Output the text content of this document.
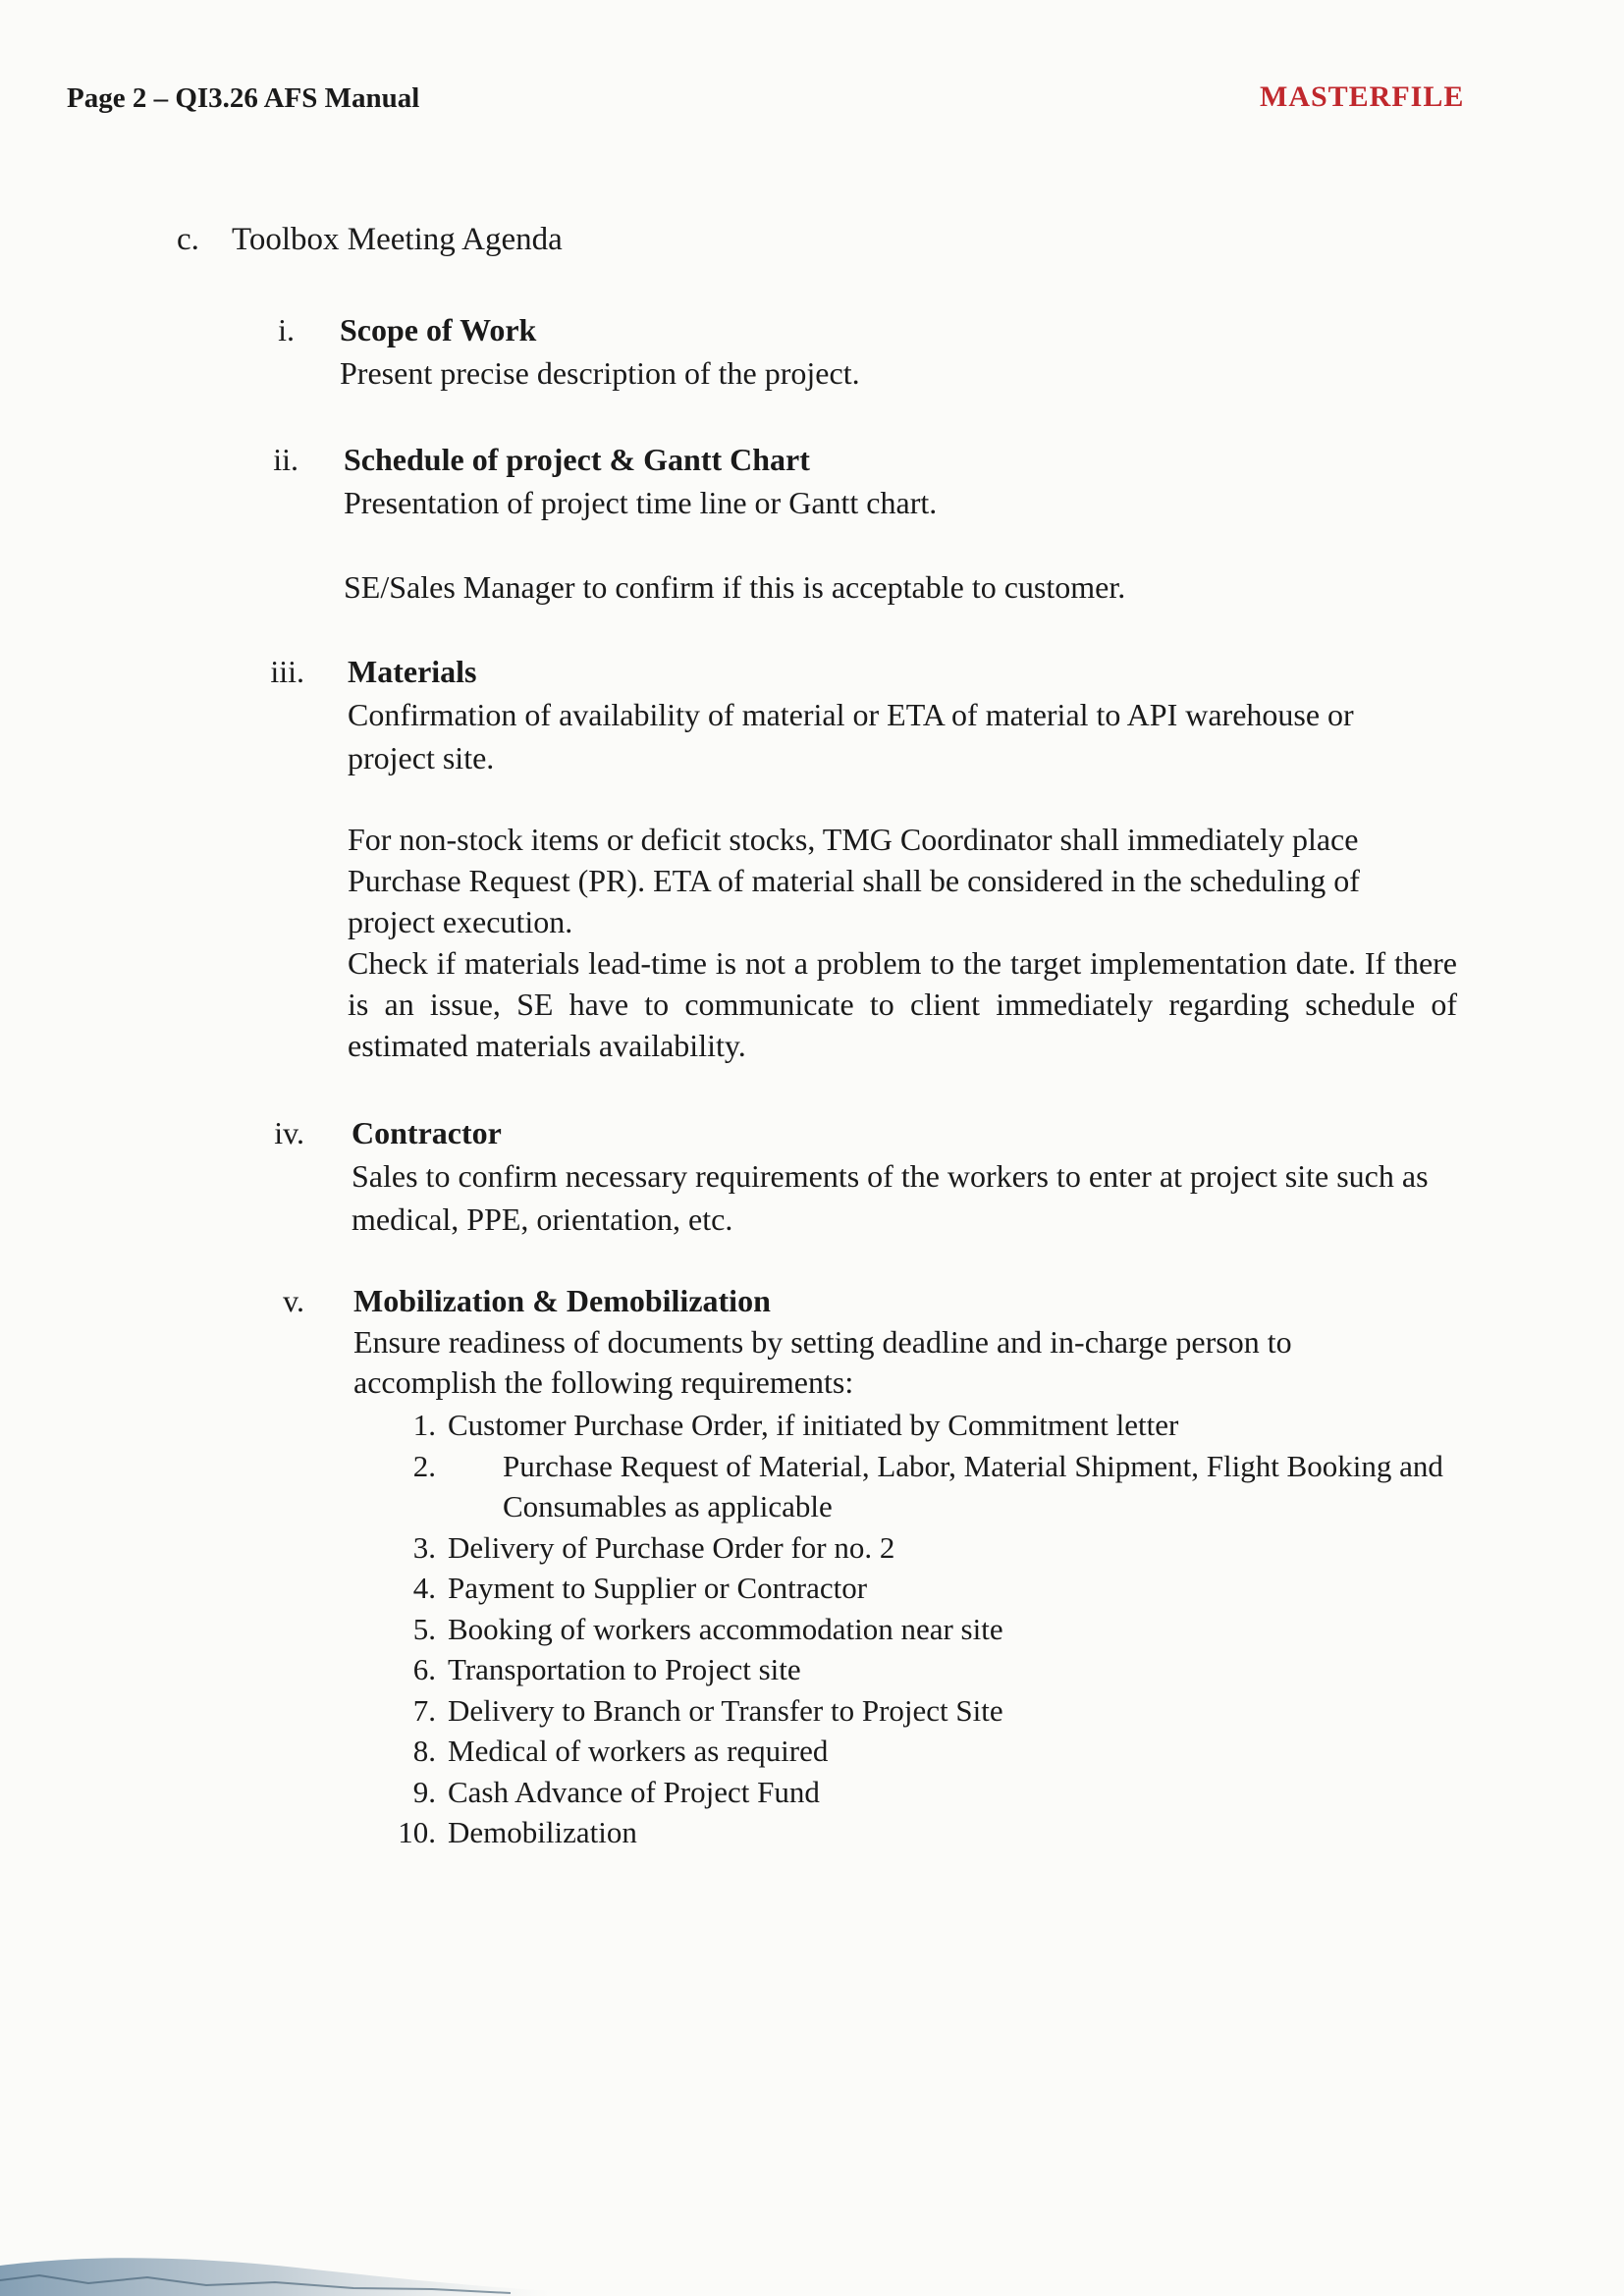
Page 2 – QI3.26 AFS Manual	MASTERFILE
c. Toolbox Meeting Agenda
i. Scope of Work

Present precise description of the project.

ii. Schedule of project & Gantt Chart

Presentation of project time line or Gantt chart.

SE/Sales Manager to confirm if this is acceptable to customer.

iii. Materials

Confirmation of availability of material or ETA of material to API warehouse or project site.

For non-stock items or deficit stocks, TMG Coordinator shall immediately place Purchase Request (PR). ETA of material shall be considered in the scheduling of project execution.

Check if materials lead-time is not a problem to the target implementation date. If there is an issue, SE have to communicate to client immediately regarding schedule of estimated materials availability.

iv. Contractor

Sales to confirm necessary requirements of the workers to enter at project site such as medical, PPE, orientation, etc.

v. Mobilization & Demobilization

Ensure readiness of documents by setting deadline and in-charge person to accomplish the following requirements:

1. Customer Purchase Order, if initiated by Commitment letter
2. Purchase Request of Material, Labor, Material Shipment, Flight Booking and Consumables as applicable
3. Delivery of Purchase Order for no. 2
4. Payment to Supplier or Contractor
5. Booking of workers accommodation near site
6. Transportation to Project site
7. Delivery to Branch or Transfer to Project Site
8. Medical of workers as required
9. Cash Advance of Project Fund
10. Demobilization
